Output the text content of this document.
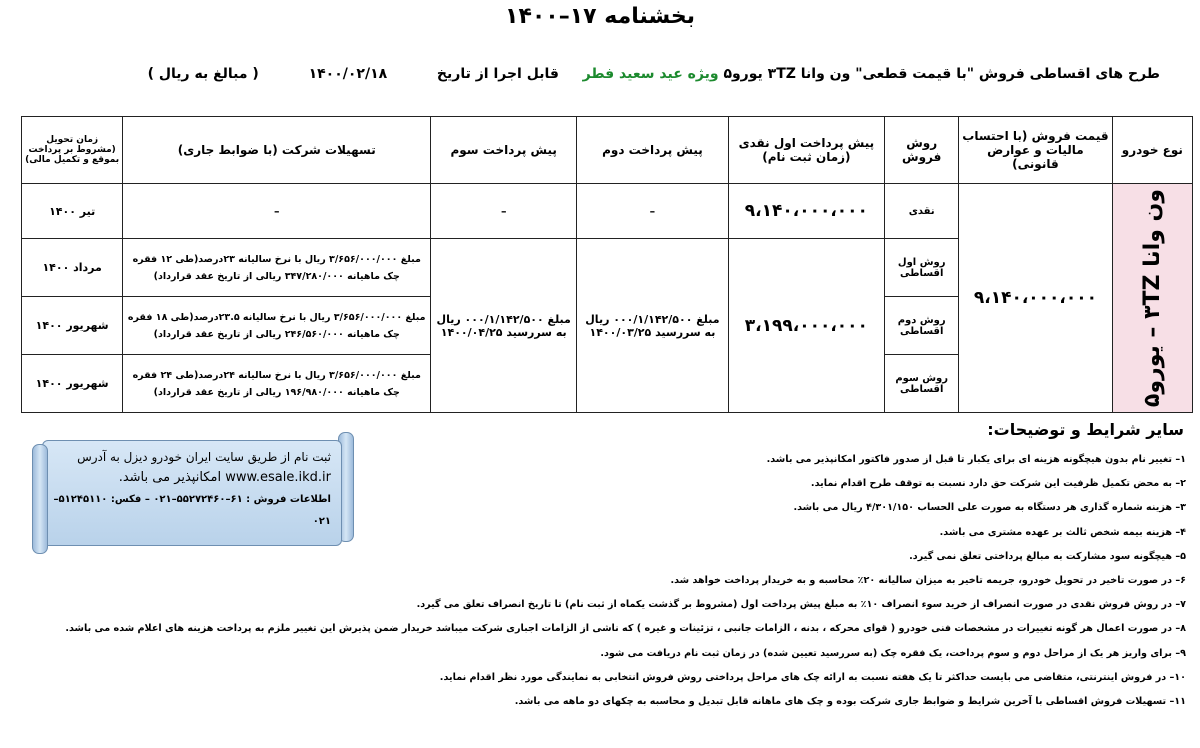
بخشنامه ۱۷–۱۴۰۰
طرح های اقساطی فروش "با قیمت قطعی" ون وانا ۳TZ یورو۵ ویژه عید سعید فطر  قابل اجرا از تاریخ  ۱۴۰۰/۰۲/۱۸  ( مبالغ به ریال )
نوع خودرو	قیمت فروش (با احتساب مالیات و عوارض قانونی)	روش فروش	پیش پرداخت اول نقدی (زمان ثبت نام)	پیش پرداخت دوم	پیش پرداخت سوم	تسهیلات شرکت (با ضوابط جاری)	زمان تحویل (مشروط بر پرداخت بموقع و تکمیل مالی)

ون وانا ۳TZ – یورو۵	۹،۱۴۰،۰۰۰،۰۰۰	نقدی	۹،۱۴۰،۰۰۰،۰۰۰	–	–	–	تیر ۱۴۰۰
		روش اول اقساطی	۳،۱۹۹،۰۰۰،۰۰۰	مبلغ ۰۰۰/۱/۱۴۲/۵۰۰ ریال به سررسید ۱۴۰۰/۰۳/۲۵	مبلغ ۰۰۰/۱/۱۴۲/۵۰۰ ریال به سررسید ۱۴۰۰/۰۴/۲۵	مبلغ ۳/۶۵۶/۰۰۰/۰۰۰ ریال با نرخ سالیانه ۲۳درصد(طی ۱۲ فقره چک ماهیانه ۳۴۷/۲۸۰/۰۰۰ ریالی از تاریخ عقد قرارداد)	مرداد ۱۴۰۰
		روش دوم اقساطی				مبلغ ۳/۶۵۶/۰۰۰/۰۰۰ ریال با نرخ سالیانه ۲۳.۵درصد(طی ۱۸ فقره چک ماهیانه ۲۴۶/۵۶۰/۰۰۰ ریالی از تاریخ عقد قرارداد)	شهریور ۱۴۰۰
		روش سوم اقساطی				مبلغ ۳/۶۵۶/۰۰۰/۰۰۰ ریال با نرخ سالیانه ۲۴درصد(طی ۲۴ فقره چک ماهیانه ۱۹۶/۹۸۰/۰۰۰ ریالی از تاریخ عقد قرارداد)	شهریور ۱۴۰۰
سایر شرایط و توضیحات:
۱– تغییر نام بدون هیچگونه هزینه ای برای یکبار تا قبل از صدور فاکتور امکانپذیر می باشد.
۲– به محض تکمیل ظرفیت این شرکت حق دارد نسبت به توقف طرح اقدام نماید.
۳– هزینه شماره گذاری هر دستگاه به صورت علی الحساب ۴/۳۰۱/۱۵۰ ریال می باشد.
۴– هزینه بیمه شخص ثالث بر عهده مشتری می باشد.
۵– هیچگونه سود مشارکت به مبالغ پرداختی تعلق نمی گیرد.
۶– در صورت تاخیر در تحویل خودرو، جریمه تاخیر به میزان سالیانه ۲۰٪ محاسبه و به خریدار پرداخت خواهد شد.
۷– در روش فروش نقدی در صورت انصراف از خرید سوء انصراف ۱۰٪ به مبلغ پیش پرداخت اول (مشروط بر گذشت یکماه از ثبت نام) تا تاریخ انصراف تعلق می گیرد.
۸– در صورت اعمال هر گونه تغییرات در مشخصات فنی خودرو ( قوای محرکه ، بدنه ، الزامات جانبی ، تزئینات و غیره ) که ناشی از الزامات اجباری شرکت میباشد خریدار ضمن پذیرش این تغییر ملزم به پرداخت هزینه های اعلام شده می باشد.
۹– برای واریز هر یک از مراحل دوم و سوم پرداخت، یک فقره چک (به سررسید تعیین شده) در زمان ثبت نام دریافت می شود.
۱۰– در فروش اینترنتی، متقاضی می بایست حداکثر تا یک هفته نسبت به ارائه چک های مراحل پرداختی روش فروش انتخابی به نمایندگی مورد نظر اقدام نماید.
۱۱– تسهیلات فروش اقساطی با آخرین شرایط و ضوابط جاری شرکت بوده و چک های ماهانه قابل تبدیل و محاسبه به چکهای دو ماهه می باشد.
ثبت نام از طریق سایت ایران خودرو دیزل به آدرس
www.esale.ikd.ir امکانپذیر می باشد.
اطلاعات فروش : ۶۱–۵۵۲۷۲۴۶۰–۰۲۱ – فکس: ۵۱۲۴۵۱۱۰–۰۲۱
